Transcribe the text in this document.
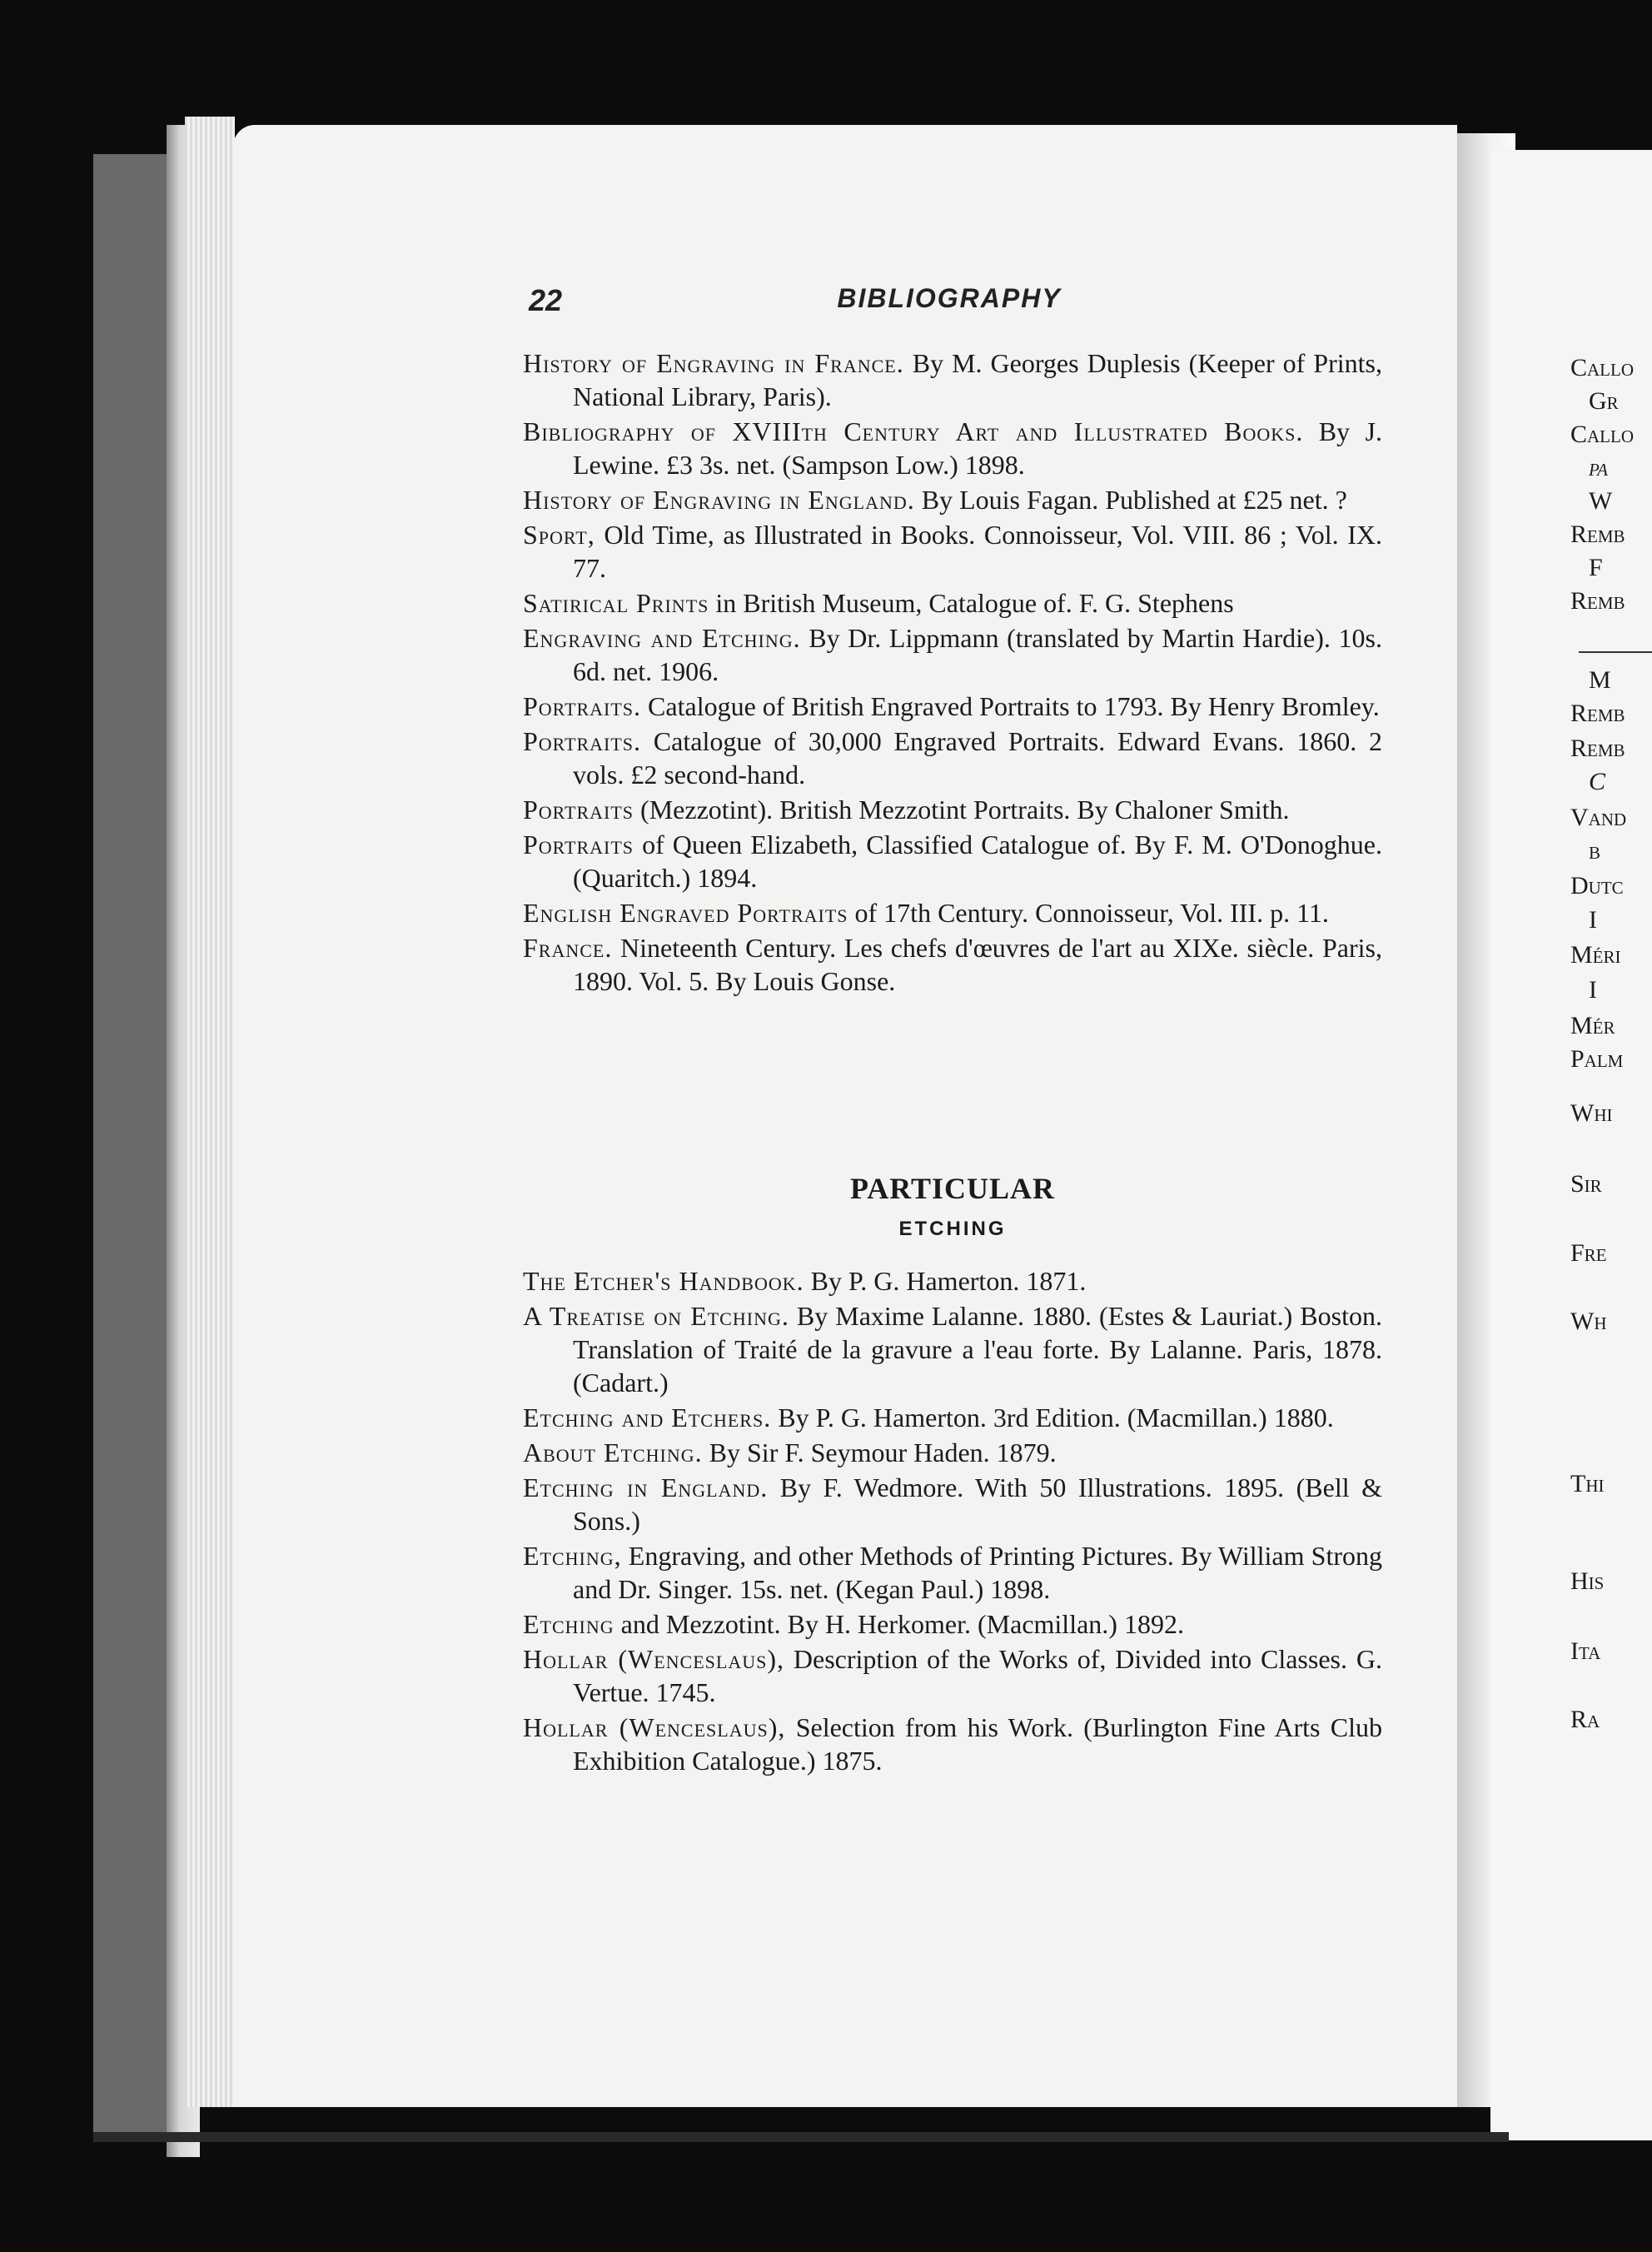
22	BIBLIOGRAPHY

History of Engraving in France. By M. Georges Duplesis (Keeper of Prints, National Library, Paris).

Bibliography of XVIIIth Century Art and Illustrated Books. By J. Lewine. £3 3s. net. (Sampson Low.) 1898.

History of Engraving in England. By Louis Fagan. Published at £25 net. ?

Sport, Old Time, as Illustrated in Books. Connoisseur, Vol. VIII. 86 ; Vol. IX. 77.

Satirical Prints in British Museum, Catalogue of. F. G. Stephens

Engraving and Etching. By Dr. Lippmann (translated by Martin Hardie). 10s. 6d. net. 1906.

Portraits. Catalogue of British Engraved Portraits to 1793. By Henry Bromley.

Portraits. Catalogue of 30,000 Engraved Portraits. Edward Evans. 1860. 2 vols. £2 second-hand.

Portraits (Mezzotint). British Mezzotint Portraits. By Chaloner Smith.

Portraits of Queen Elizabeth, Classified Catalogue of. By F. M. O'Donoghue. (Quaritch.) 1894.

English Engraved Portraits of 17th Century. Connoisseur, Vol. III. p. 11.

France. Nineteenth Century. Les chefs d'œuvres de l'art au XIXe. siècle. Paris, 1890. Vol. 5. By Louis Gonse.

PARTICULAR
ETCHING

The Etcher's Handbook. By P. G. Hamerton. 1871.

A Treatise on Etching. By Maxime Lalanne. 1880. (Estes & Lauriat.) Boston. Translation of Traité de la gravure a l'eau forte. By Lalanne. Paris, 1878. (Cadart.)

Etching and Etchers. By P. G. Hamerton. 3rd Edition. (Macmillan.) 1880.

About Etching. By Sir F. Seymour Haden. 1879.

Etching in England. By F. Wedmore. With 50 Illustrations. 1895. (Bell & Sons.)

Etching, Engraving, and other Methods of Printing Pictures. By William Strong and Dr. Singer. 15s. net. (Kegan Paul.) 1898.

Etching and Mezzotint. By H. Herkomer. (Macmillan.) 1892.

Hollar (Wenceslaus), Description of the Works of, Divided into Classes. G. Vertue. 1745.

Hollar (Wenceslaus), Selection from his Work. (Burlington Fine Arts Club Exhibition Catalogue.) 1875.

Callo
Gr
Callo
pa
W
Remb
F
Remb
M
Remb
Remb
C
Vand
b
Dutc
I
Méri
I
Mér
Palm
Whi
Sir
Fre
Wh
Thi
His
Ita
Ra
